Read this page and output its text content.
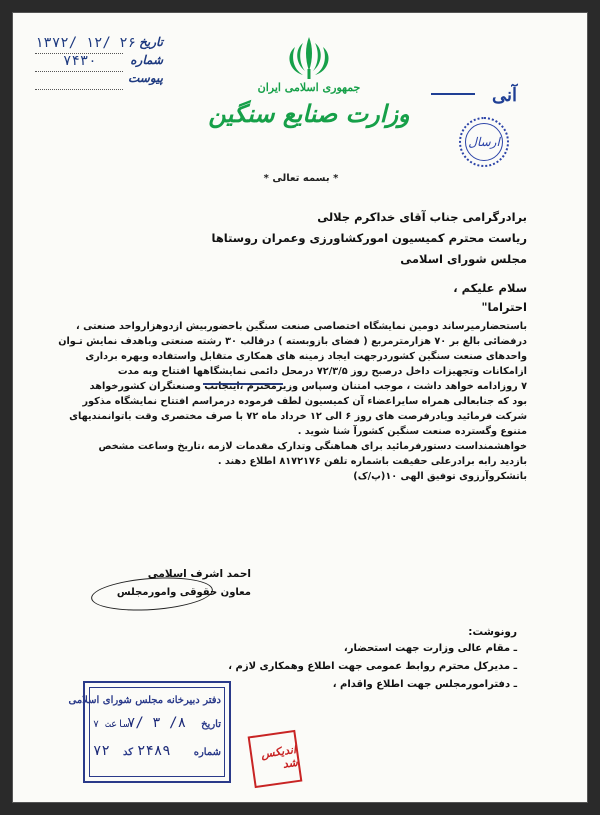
جمهوری اسلامی ایران
وزارت صنایع سنگین
تاریخ
۱۳۷۲/ ۱۲/ ۲۶
شماره
۷۴۳۰
پیوست
آنی
ارسال
* بسمه تعالی *
برادرگرامی جناب آقای خداکرم جلالی
ریاست محترم کمیسیون امورکشاورزی وعمران روستاها
مجلس شورای اسلامی
سلام علیکم ،
احتراما"
باستحضارمیرساند دومین نمایشگاه اختصاصی صنعت سنگین باحضوربیش ازدوهزارواحد صنعتی ،
درفضائی بالغ بر ۷۰ هزارمترمربع ( فضای بازوبسته ) درقالب ۳۰ رشته صنعتی وباهدف نمایش تـوان
واحدهای صنعت سنگین کشوردرجهت ایجاد زمینه های همکاری متقابل واستفاده وبهره برداری
ازامکانات وتجهیزات داخل درصبح روز ۷۲/۳/۵ درمحل دائمی نمایشگاهها افتتاح وبه مدت
۷ روزادامه خواهد داشت ، موجب امتنان وسپاس وزیرمحترم ،اینجانب وصنعتگران کشورخواهد
بود که جنابعالی همراه سایراعضاء آن کمیسیون لطف فرموده درمراسم افتتاح نمایشگاه مذکور
شرکت فرمائید ویادرفرصت های روز ۶ الی ۱۲ خرداد ماه ۷۲ با صرف مختصری وقت باتوانمندیهای
متنوع وگسترده صنعت سنگین کشورآ شنا شوید .
خواهشمنداست دستورفرمائید برای هماهنگی وتدارک مقدمات لازمه ،تاریخ وساعت مشخص
بازدید رابه برادرعلی حقیقت باشماره تلفن ۸۱۷۲۱۷۶ اطلاع دهند .
باتشکروآرزوی توفیق الهی ۱۰(پ/ک)
احمد اشرف اسلامی
معاون حقوقی وامورمجلس
رونوشت:
ـ مقام عالی وزارت جهت استحضار،
ـ مدیرکل محترم روابط عمومی جهت اطلاع وهمکاری لازم ،
ـ دفترامورمجلس جهت اطلاع واقدام ،
دفتر دبیرخانه مجلس شورای اسلامی
تاریخ
۷/ ۳ /۸
۷ ساعت
شماره
۲۴۸۹
کد
۷۲	اندیکس شد
